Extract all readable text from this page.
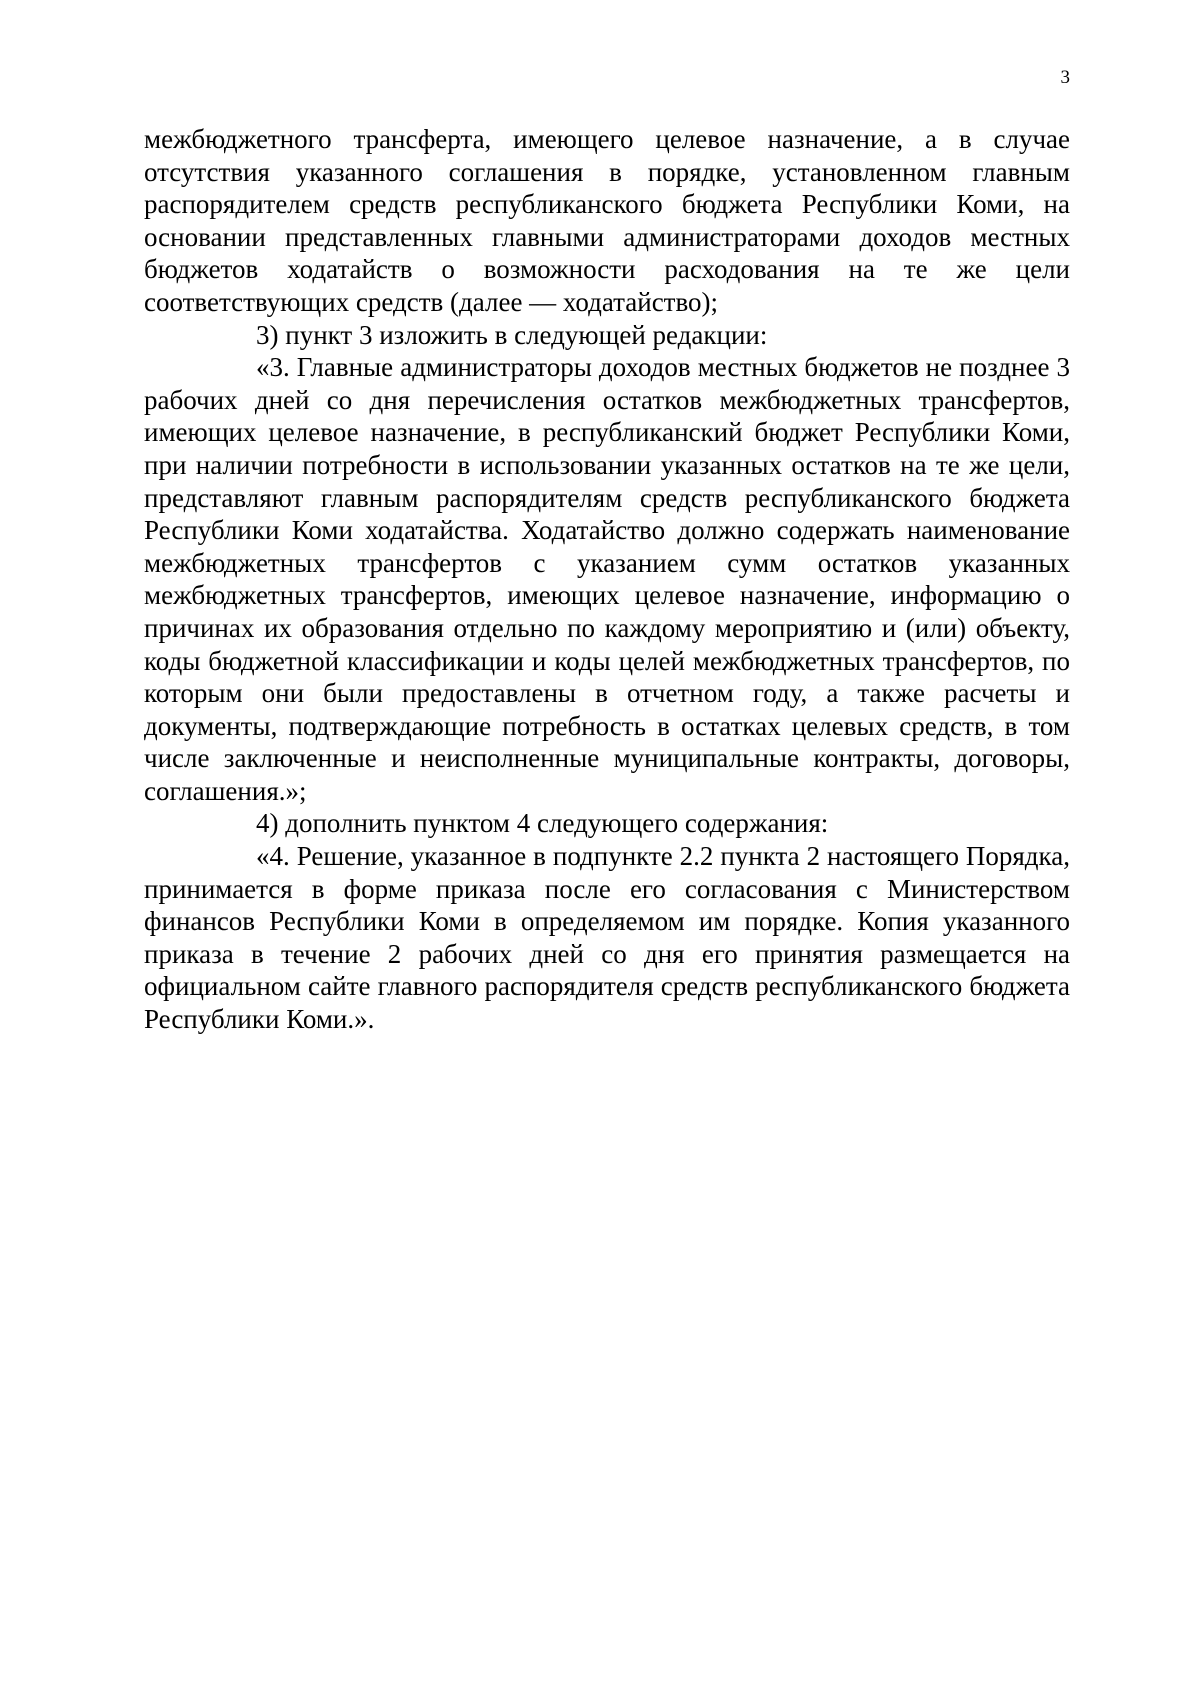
3

межбюджетного трансферта, имеющего целевое назначение, а в случае отсутствия указанного соглашения в порядке, установленном главным распорядителем средств республиканского бюджета Республики Коми, на основании представленных главными администраторами доходов местных бюджетов ходатайств о возможности расходования на те же цели соответствующих средств (далее — ходатайство);

3) пункт 3 изложить в следующей редакции:

«3. Главные администраторы доходов местных бюджетов не позднее 3 рабочих дней со дня перечисления остатков межбюджетных трансфертов, имеющих целевое назначение, в республиканский бюджет Республики Коми, при наличии потребности в использовании указанных остатков на те же цели, представляют главным распорядителям средств республиканского бюджета Республики Коми ходатайства. Ходатайство должно содержать наименование межбюджетных трансфертов с указанием сумм остатков указанных межбюджетных трансфертов, имеющих целевое назначение, информацию о причинах их образования отдельно по каждому мероприятию и (или) объекту, коды бюджетной классификации и коды целей межбюджетных трансфертов, по которым они были предоставлены в отчетном году, а также расчеты и документы, подтверждающие потребность в остатках целевых средств, в том числе заключенные и неисполненные муниципальные контракты, договоры, соглашения.»;

4) дополнить пунктом 4 следующего содержания:

«4. Решение, указанное в подпункте 2.2 пункта 2 настоящего Порядка, принимается в форме приказа после его согласования с Министерством финансов Республики Коми в определяемом им порядке. Копия указанного приказа в течение 2 рабочих дней со дня его принятия размещается на официальном сайте главного распорядителя средств республиканского бюджета Республики Коми.».
